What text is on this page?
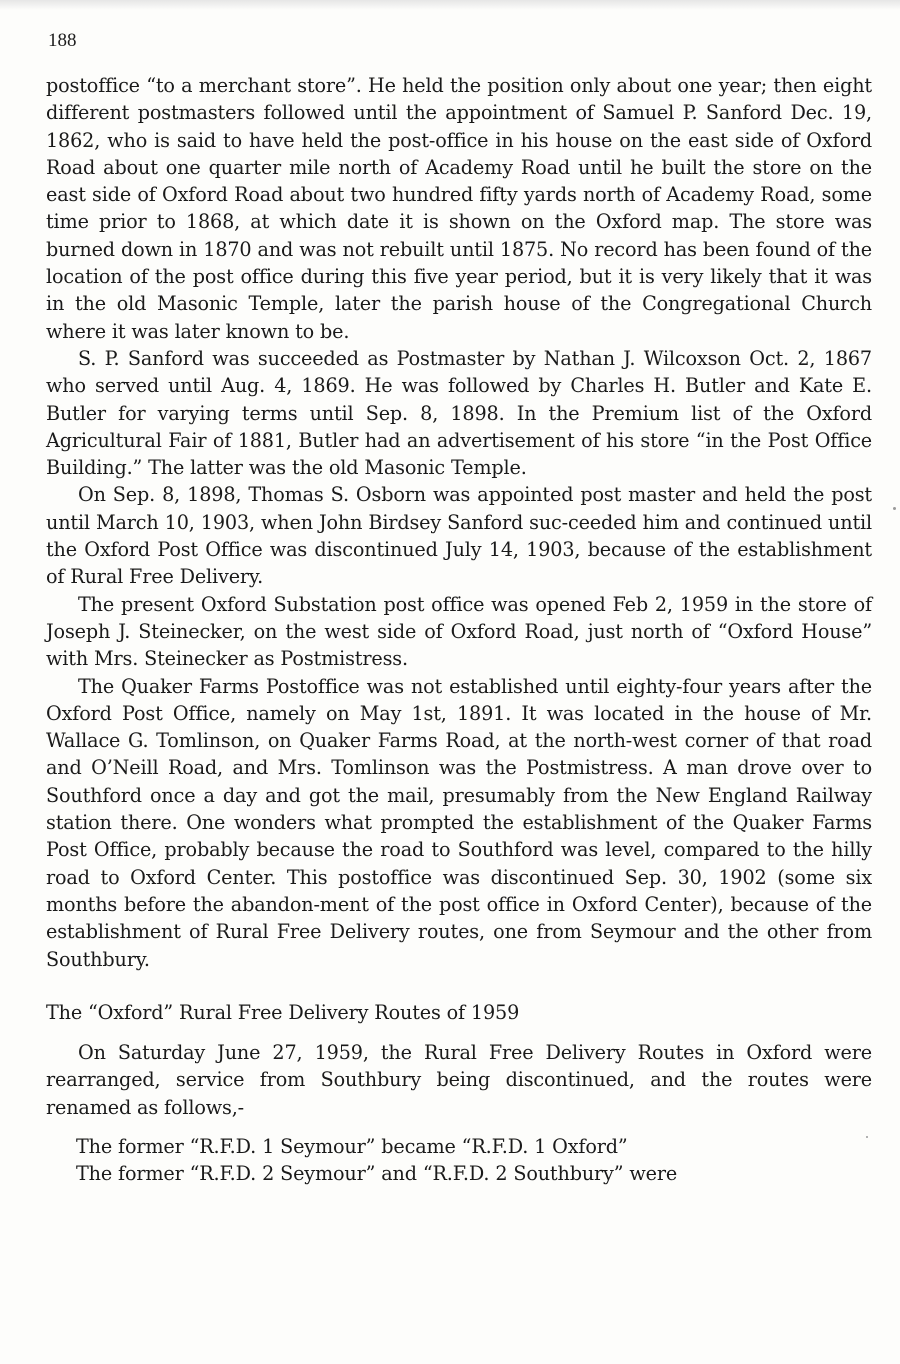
188

postoffice “to a merchant store”. He held the position only about one year; then eight different postmasters followed until the appointment of Samuel P. Sanford Dec. 19, 1862, who is said to have held the post-office in his house on the east side of Oxford Road about one quarter mile north of Academy Road until he built the store on the east side of Oxford Road about two hundred fifty yards north of Academy Road, some time prior to 1868, at which date it is shown on the Oxford map. The store was burned down in 1870 and was not rebuilt until 1875. No record has been found of the location of the post office during this five year period, but it is very likely that it was in the old Masonic Temple, later the parish house of the Congregational Church where it was later known to be.

S. P. Sanford was succeeded as Postmaster by Nathan J. Wilcoxson Oct. 2, 1867 who served until Aug. 4, 1869. He was followed by Charles H. Butler and Kate E. Butler for varying terms until Sep. 8, 1898. In the Premium list of the Oxford Agricultural Fair of 1881, Butler had an advertisement of his store “in the Post Office Building.” The latter was the old Masonic Temple.

On Sep. 8, 1898, Thomas S. Osborn was appointed post master and held the post until March 10, 1903, when John Birdsey Sanford suc-ceeded him and continued until the Oxford Post Office was discontinued July 14, 1903, because of the establishment of Rural Free Delivery.

The present Oxford Substation post office was opened Feb 2, 1959 in the store of Joseph J. Steinecker, on the west side of Oxford Road, just north of “Oxford House” with Mrs. Steinecker as Postmistress.

The Quaker Farms Postoffice was not established until eighty-four years after the Oxford Post Office, namely on May 1st, 1891. It was located in the house of Mr. Wallace G. Tomlinson, on Quaker Farms Road, at the north-west corner of that road and O’Neill Road, and Mrs. Tomlinson was the Postmistress. A man drove over to Southford once a day and got the mail, presumably from the New England Railway station there. One wonders what prompted the establishment of the Quaker Farms Post Office, probably because the road to Southford was level, compared to the hilly road to Oxford Center. This postoffice was discontinued Sep. 30, 1902 (some six months before the abandon-ment of the post office in Oxford Center), because of the establishment of Rural Free Delivery routes, one from Seymour and the other from Southbury.

The “Oxford” Rural Free Delivery Routes of 1959

On Saturday June 27, 1959, the Rural Free Delivery Routes in Oxford were rearranged, service from Southbury being discontinued, and the routes were renamed as follows,-

The former “R.F.D. 1 Seymour” became “R.F.D. 1 Oxford”

The former “R.F.D. 2 Seymour” and “R.F.D. 2 Southbury” were
